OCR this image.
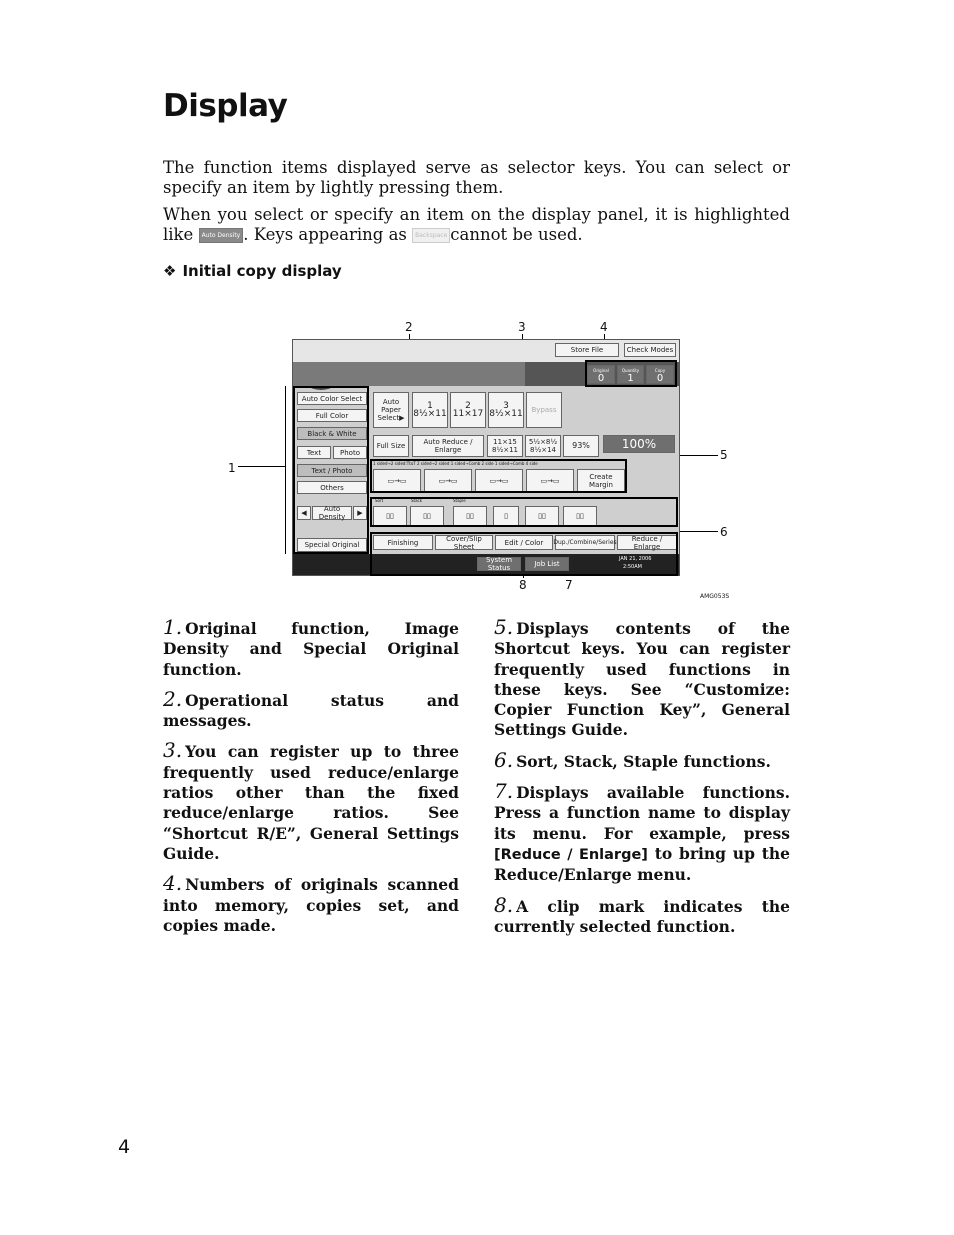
Display

The function items displayed serve as selector keys. You can select or specify an item by lightly pressing them.

When you select or specify an item on the display panel, it is highlighted like Auto Density . Keys appearing as Backspace cannot be used.

❖ Initial copy display
2	3	4
1
5
6
7
8
Store File	Check Modes
Original
0
Quantity
1
Copy
0
Auto Color Select
Full Color
Black & White
Text	Photo
Text / Photo
Others
◀	Auto Density	▶
Special Original
Auto Paper Select▶
1
8½×11
2
11×17
3
8½×11	Bypass
Full Size	Auto Reduce / Enlarge
11×15 8½×11
5½×8½ 8½×14	93%	100%
1 sided→2 sided:TtoT 2 sided→2 sided 1 sided→Comb 2 side 1 sided→Comb 4 side
▭→▭	▭→▭	▭→▭	▭→▭	Create Margin
Sort	Stack	Staple
▯▯	▯▯	▯▯	▯	▯▯	▯▯
Finishing	Cover/Slip Sheet	Edit / Color	Dup./Combine/Series	Reduce / Enlarge
System Status	Job List
JAN 21, 2006
2:50AM
AMG053S

1. Original function, Image Density and Special Original function.

2. Operational status and messages.

3. You can register up to three frequently used reduce/enlarge ratios other than the fixed reduce/enlarge ratios. See “Shortcut R/E”, General Settings Guide.

4. Numbers of originals scanned into memory, copies set, and copies made.

5. Displays contents of the Shortcut keys. You can register frequently used functions in these keys. See “Customize: Copier Function Key”, General Settings Guide.

6. Sort, Stack, Staple functions.

7. Displays available functions. Press a function name to display its menu. For example, press [Reduce / Enlarge] to bring up the Reduce/Enlarge menu.

8. A clip mark indicates the currently selected function.

4
